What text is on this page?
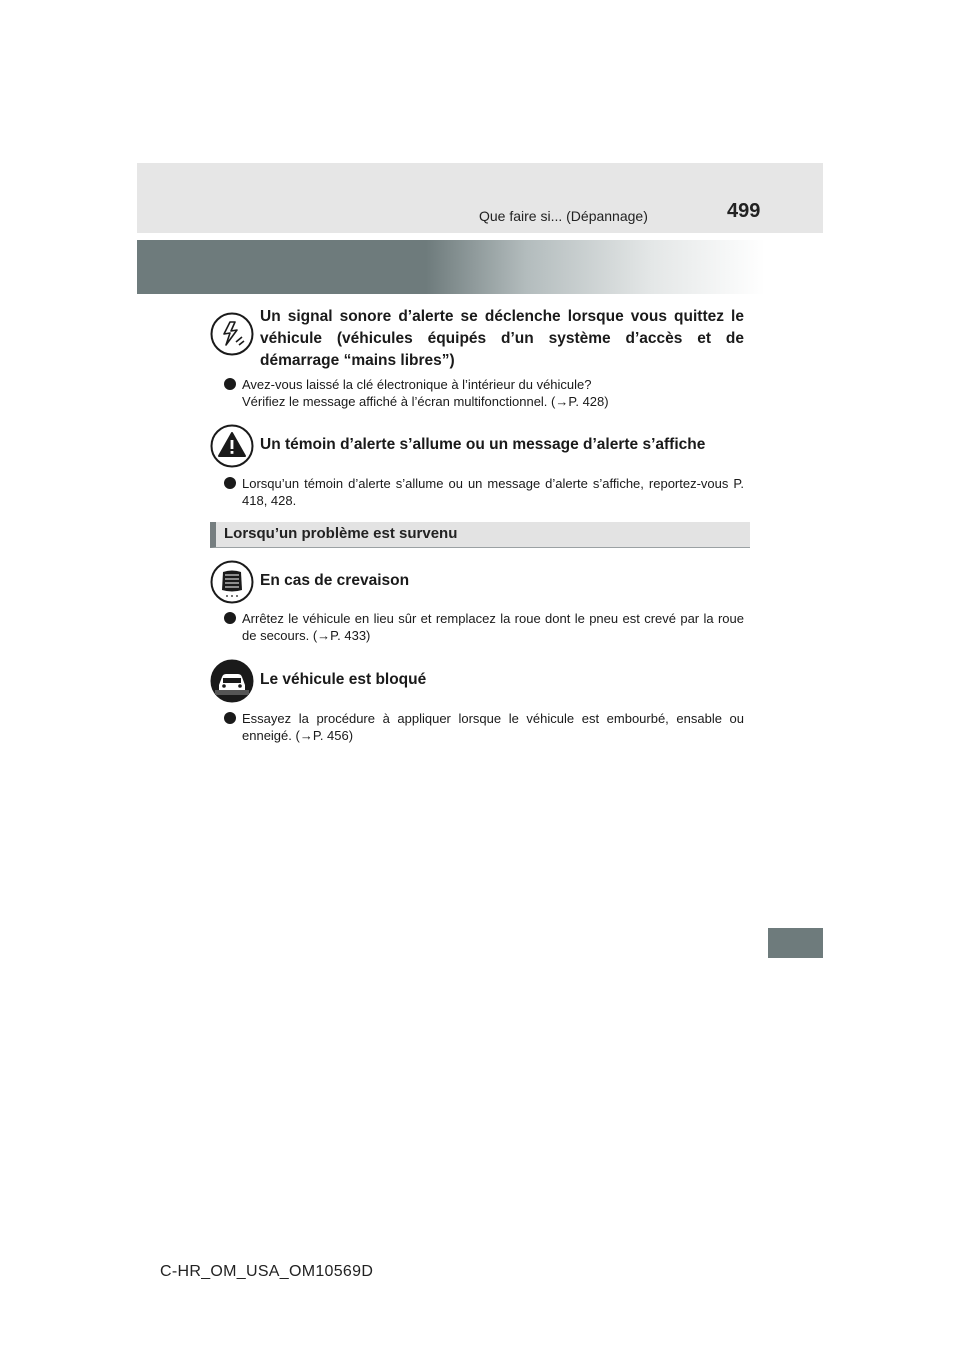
499
Que faire si... (Dépannage)
Un signal sonore d’alerte se déclenche lorsque vous quittez le véhicule (véhicules équipés d’un système d’accès et de démarrage “mains libres”)
Avez-vous laissé la clé électronique à l’intérieur du véhicule?
Vérifiez le message affiché à l’écran multifonctionnel. (→P. 428)
Un témoin d’alerte s’allume ou un message d’alerte s’affiche
Lorsqu’un témoin d’alerte s’allume ou un message d’alerte s’affiche, reportez-vous P. 418, 428.
Lorsqu’un problème est survenu
En cas de crevaison
Arrêtez le véhicule en lieu sûr et remplacez la roue dont le pneu est crevé par la roue de secours. (→P. 433)
Le véhicule est bloqué
Essayez la procédure à appliquer lorsque le véhicule est embourbé, ensable ou enneigé. (→P. 456)
C-HR_OM_USA_OM10569D
